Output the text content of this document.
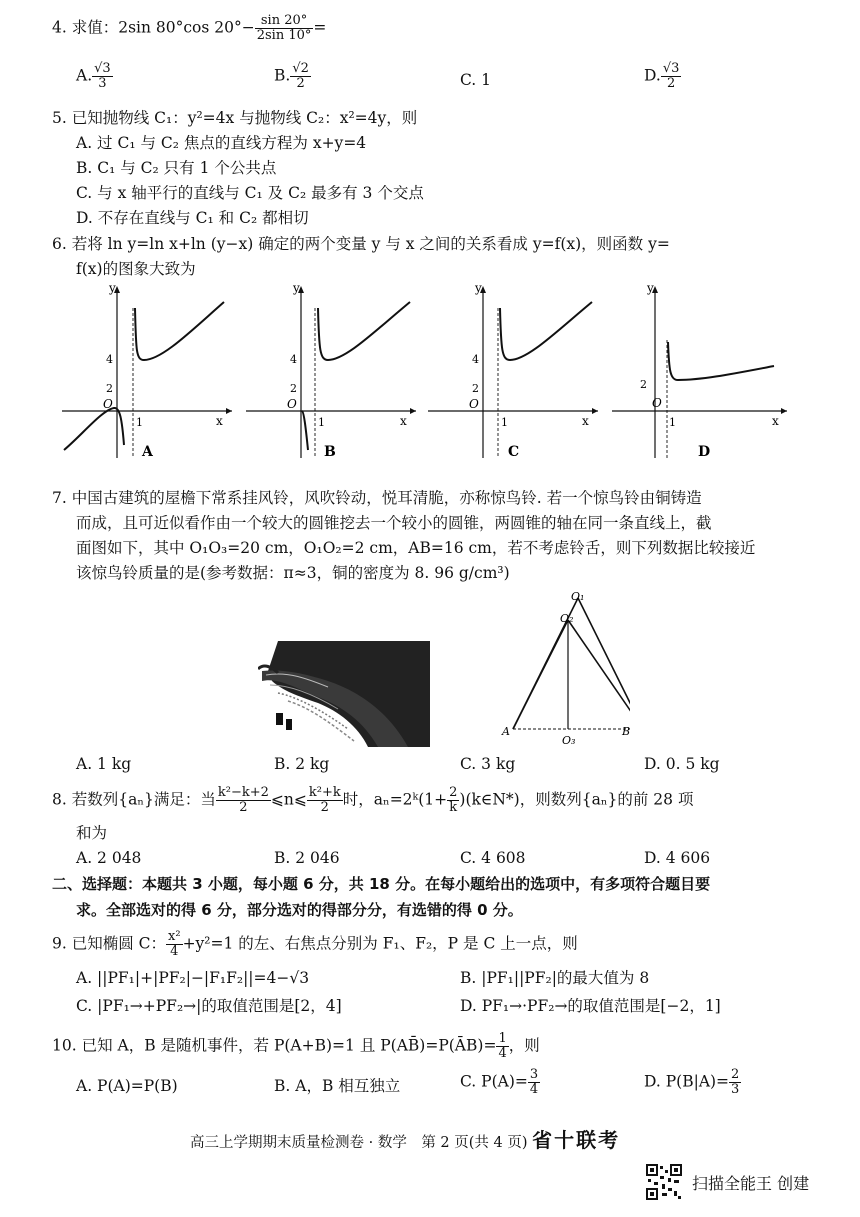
4. 求值：2sin 80°cos $20^\circ- \frac{\sin 20^\circ}{2\sin 10^\circ}$ =
A. $\frac{√3}{3}$	B. $\frac{√2}{2}$	C. 1	D. $\frac{√3}{2}$
5. 已知抛物线 C₁：y²=4x 与抛物线 C₂：x²=4y，则
A. 过 C₁ 与 C₂ 焦点的直线方程为 x+y=4
B. C₁ 与 C₂ 只有 1 个公共点
C. 与 x 轴平行的直线与 C₁ 及 C₂ 最多有 3 个交点
D. 不存在直线与 C₁ 和 C₂ 都相切
6. 若将 ln y=ln x+ln (y−x) 确定的两个变量 y 与 x 之间的关系看成 y=f(x)，则函数 y=
f(x)的图象大致为
y
x
O
1
2
4
A
y
x
O
1
2
4
B
y
x
O
1
2
4
C
y
x
O
1
2
D
7. 中国古建筑的屋檐下常系挂风铃，风吹铃动，悦耳清脆，亦称惊鸟铃. 若一个惊鸟铃由铜铸造
而成，且可近似看作由一个较大的圆锥挖去一个较小的圆锥，两圆锥的轴在同一条直线上，截
面图如下，其中 O₁O₃=20 cm，O₁O₂=2 cm，AB=16 cm，若不考虑铃舌，则下列数据比较接近
该惊鸟铃质量的是(参考数据：π≈3，铜的密度为 8. 96 g/cm³)
O₁
O₂
O₃
A	B
A. 1 kg	B. 2 kg	C. 3 kg	D. 0. 5 kg
8. 若数列{aₙ}满足：当 $\frac{\text{k²−k+2}}{2}$ ⩽n⩽ $\frac{\text{k²+k}}{2}$ 时，aₙ=2ᵏ(1+ $\frac{2}{k}$ )(k∈N*)，则数列{aₙ}的前 28 项
和为
A. 2 048	B. 2 046	C. 4 608	D. 4 606
二、选择题：本题共 3 小题，每小题 6 分，共 18 分。在每小题给出的选项中，有多项符合题目要
求。全部选对的得 6 分，部分选对的得部分分，有选错的得 0 分。
9. 已知椭圆 C： $\frac{\text{x²}}{4} +y^2=1$ 的左、右焦点分别为 F₁、F₂，P 是 C 上一点，则
A. ||PF₁|+|PF₂|−|F₁F₂||=4−√3	B. |PF₁||PF₂|的最大值为 8
C. |PF₁→+PF₂→|的取值范围是[2，4]	D. PF₁→·PF₂→的取值范围是[−2，1]
10. 已知 A，B 是随机事件，若 P(A+B)=1 且 P(AB̄)=P(ĀB)= $\frac{1}{4}$ ，则
A. P(A)=P(B)	B. A，B 相互独立	C. $P(A)= \frac{3}{4}$	D. $P(B|A)= \frac{2}{3}$
高三上学期期末质量检测卷 · 数学　第 2 页(共 4 页) 省十联考
扫描全能王 创建
